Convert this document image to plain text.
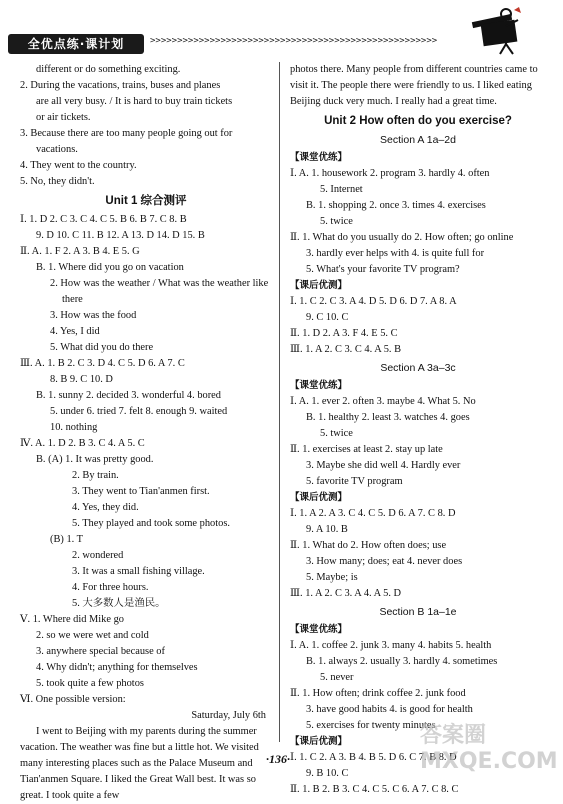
全优点练·课计划	>>>>>>>>>>>>>>>>>>>>>>>>>>>>>>>>>>>>>>>>>>>>>>>>>>>>>
different or do something exciting.
2. During the vacations, trains, buses and planes
are all very busy. / It is hard to buy train tickets
or air tickets.
3. Because there are too many people going out for
vacations.
4. They went to the country.
5. No, they didn't.
Unit 1 综合测评
Ⅰ. 1. D 2. C 3. C 4. C 5. B 6. B 7. C 8. B
9. D 10. C 11. B 12. A 13. D 14. D 15. B
Ⅱ. A. 1. F 2. A 3. B 4. E 5. G
B. 1. Where did you go on vacation
2. How was the weather / What was the weather like
there
3. How was the food
4. Yes, I did
5. What did you do there
Ⅲ. A. 1. B 2. C 3. D 4. C 5. D 6. A 7. C
8. B 9. C 10. D
B. 1. sunny 2. decided 3. wonderful 4. bored
5. under 6. tried 7. felt 8. enough 9. waited
10. nothing
Ⅳ. A. 1. D 2. B 3. C 4. A 5. C
B. (A) 1. It was pretty good.
2. By train.
3. They went to Tian'anmen first.
4. Yes, they did.
5. They played and took some photos.
(B) 1. T
2. wondered
3. It was a small fishing village.
4. For three hours.
5. 大多数人是渔民。
Ⅴ. 1. Where did Mike go
2. so we were wet and cold
3. anywhere special because of
4. Why didn't; anything for themselves
5. took quite a few photos
Ⅵ. One possible version:
Saturday, July 6th
I went to Beijing with my parents during the summer vacation. The weather was fine but a little hot. We visited many interesting places such as the Palace Museum and Tian'anmen Square. I liked the Great Wall best. It was so great. I took quite a few
photos there. Many people from different countries came to visit it. The people there were friendly to us. I liked eating Beijing duck very much. I really had a great time.
Unit 2 How often do you exercise?
Section A 1a–2d
【课堂优练】
Ⅰ. A. 1. housework 2. program 3. hardly 4. often
5. Internet
B. 1. shopping 2. once 3. times 4. exercises
5. twice
Ⅱ. 1. What do you usually do 2. How often; go online
3. hardly ever helps with 4. is quite full for
5. What's your favorite TV program?
【课后优测】
Ⅰ. 1. C 2. C 3. A 4. D 5. D 6. D 7. A 8. A
9. C 10. C
Ⅱ. 1. D 2. A 3. F 4. E 5. C
Ⅲ. 1. A 2. C 3. C 4. A 5. B
Section A 3a–3c
【课堂优练】
Ⅰ. A. 1. ever 2. often 3. maybe 4. What 5. No
B. 1. healthy 2. least 3. watches 4. goes
5. twice
Ⅱ. 1. exercises at least 2. stay up late
3. Maybe she did well 4. Hardly ever
5. favorite TV program
【课后优测】
Ⅰ. 1. A 2. A 3. C 4. C 5. D 6. A 7. C 8. D
9. A 10. B
Ⅱ. 1. What do 2. How often does; use
3. How many; does; eat 4. never does
5. Maybe; is
Ⅲ. 1. A 2. C 3. A 4. A 5. D
Section B 1a–1e
【课堂优练】
Ⅰ. A. 1. coffee 2. junk 3. many 4. habits 5. health
B. 1. always 2. usually 3. hardly 4. sometimes
5. never
Ⅱ. 1. How often; drink coffee 2. junk food
3. have good habits 4. is good for health
5. exercises for twenty minutes
【课后优测】
Ⅰ. 1. C 2. A 3. B 4. B 5. D 6. C 7. B 8. D
9. B 10. C
Ⅱ. 1. B 2. B 3. C 4. C 5. C 6. A 7. C 8. C
答案圈 MXQE.COM
·136·
